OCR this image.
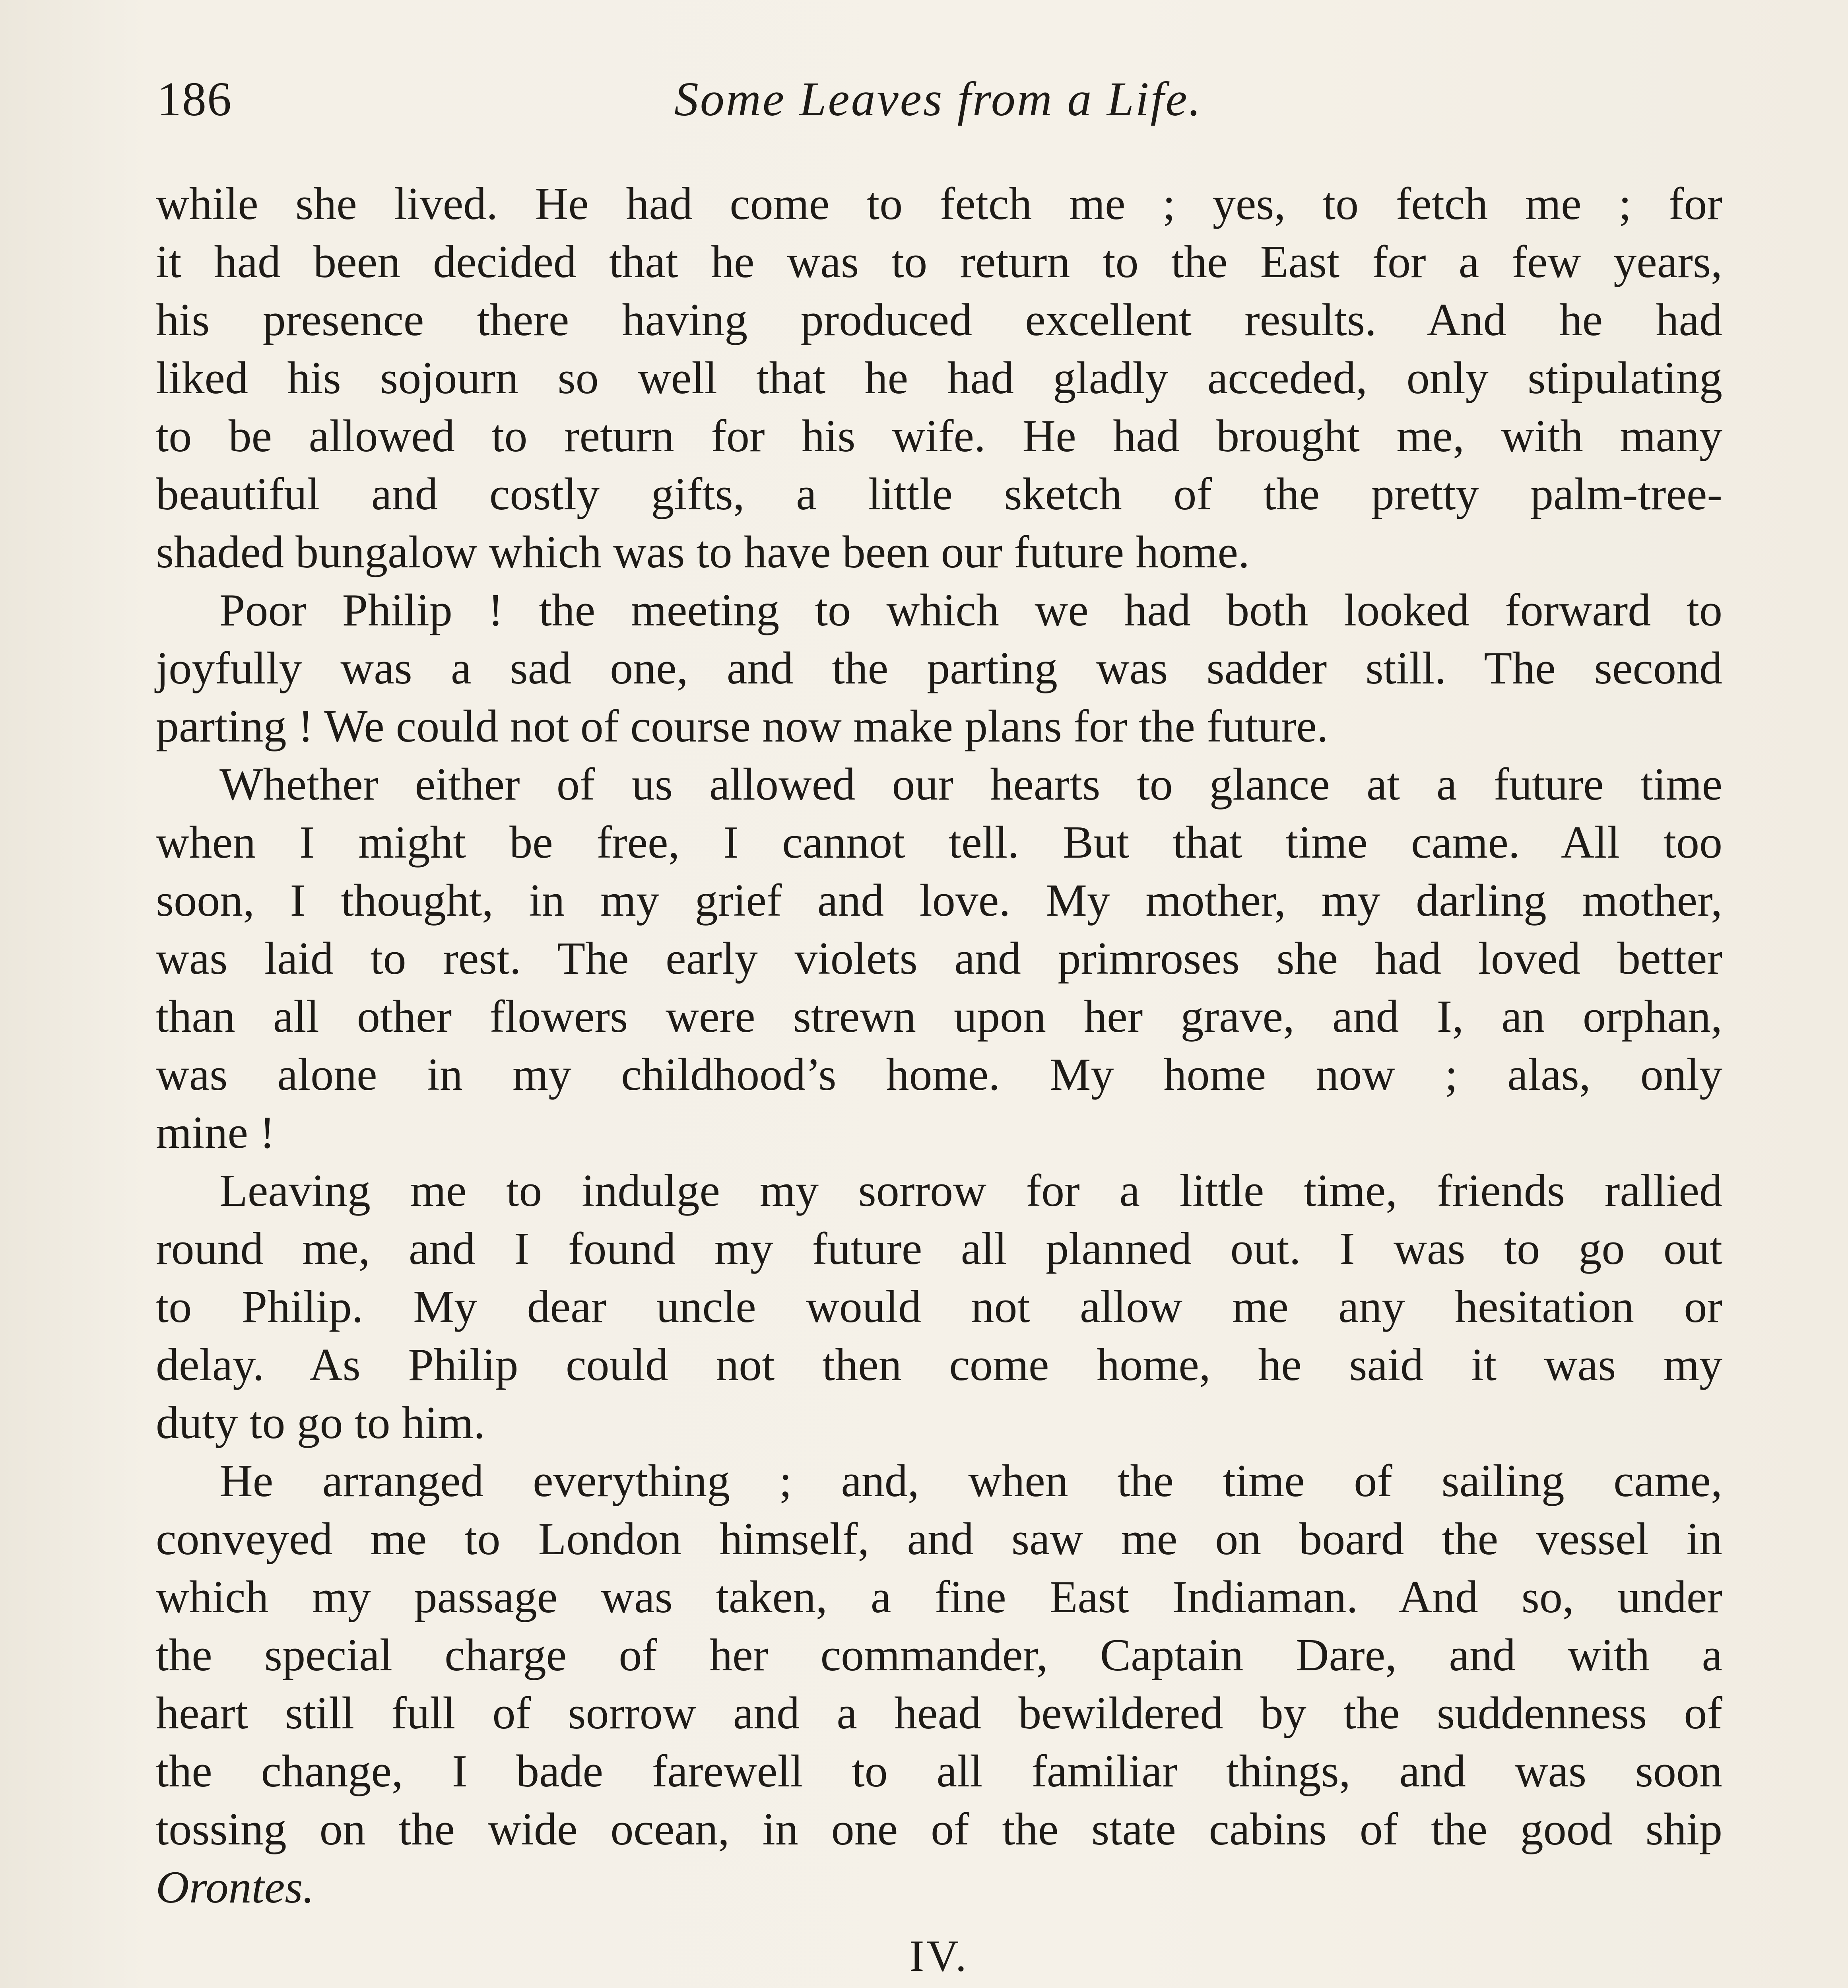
186	Some Leaves from a Life.
while she lived. He had come to fetch me ; yes, to fetch me ; for
it had been decided that he was to return to the East for a few years,
his presence there having produced excellent results. And he had
liked his sojourn so well that he had gladly acceded, only stipulating
to be allowed to return for his wife. He had brought me, with many
beautiful and costly gifts, a little sketch of the pretty palm-tree-
shaded bungalow which was to have been our future home.
Poor Philip ! the meeting to which we had both looked forward to
joyfully was a sad one, and the parting was sadder still. The second
parting ! We could not of course now make plans for the future.
Whether either of us allowed our hearts to glance at a future time
when I might be free, I cannot tell. But that time came. All too
soon, I thought, in my grief and love. My mother, my darling mother,
was laid to rest. The early violets and primroses she had loved better
than all other flowers were strewn upon her grave, and I, an orphan,
was alone in my childhood’s home. My home now ; alas, only
mine !
Leaving me to indulge my sorrow for a little time, friends rallied
round me, and I found my future all planned out. I was to go out
to Philip. My dear uncle would not allow me any hesitation or
delay. As Philip could not then come home, he said it was my
duty to go to him.
He arranged everything ; and, when the time of sailing came,
conveyed me to London himself, and saw me on board the vessel in
which my passage was taken, a fine East Indiaman. And so, under
the special charge of her commander, Captain Dare, and with a
heart still full of sorrow and a head bewildered by the suddenness of
the change, I bade farewell to all familiar things, and was soon
tossing on the wide ocean, in one of the state cabins of the good ship
Orontes.
IV.
